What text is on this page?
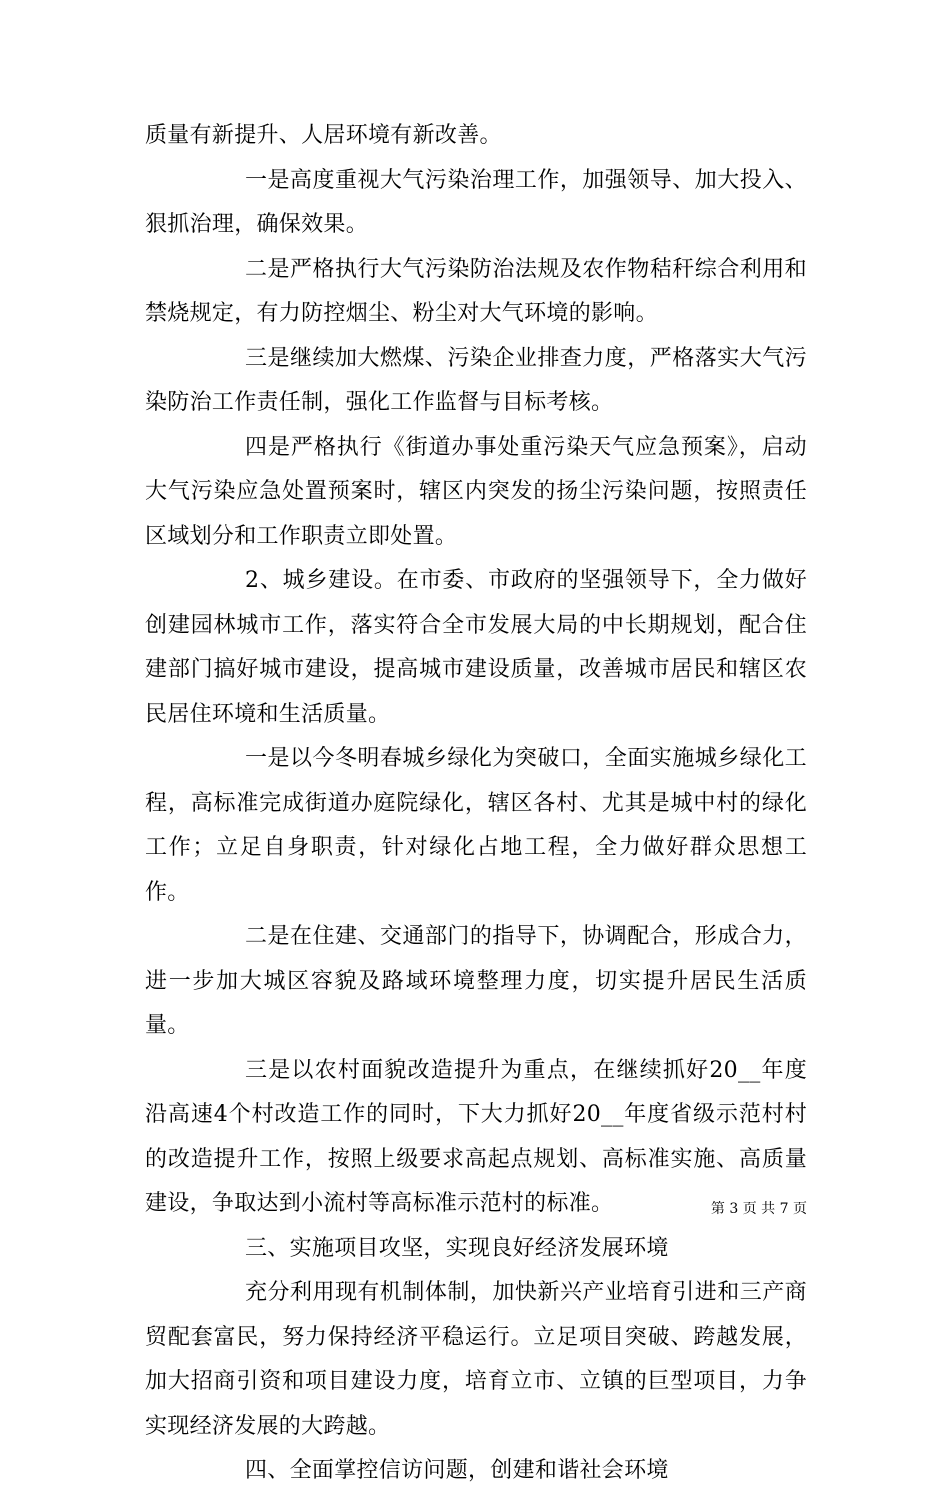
质量有新提升、人居环境有新改善。

一是高度重视大气污染治理工作，加强领导、加大投入、狠抓治理，确保效果。

二是严格执行大气污染防治法规及农作物秸秆综合利用和禁烧规定，有力防控烟尘、粉尘对大气环境的影响。

三是继续加大燃煤、污染企业排查力度，严格落实大气污染防治工作责任制，强化工作监督与目标考核。

四是严格执行《街道办事处重污染天气应急预案》，启动大气污染应急处置预案时，辖区内突发的扬尘污染问题，按照责任区域划分和工作职责立即处置。

2、城乡建设。在市委、市政府的坚强领导下，全力做好创建园林城市工作，落实符合全市发展大局的中长期规划，配合住建部门搞好城市建设，提高城市建设质量，改善城市居民和辖区农民居住环境和生活质量。

一是以今冬明春城乡绿化为突破口，全面实施城乡绿化工程，高标准完成街道办庭院绿化，辖区各村、尤其是城中村的绿化工作；立足自身职责，针对绿化占地工程，全力做好群众思想工作。

二是在住建、交通部门的指导下，协调配合，形成合力，进一步加大城区容貌及路域环境整理力度，切实提升居民生活质量。

三是以农村面貌改造提升为重点，在继续抓好20__年度沿高速4个村改造工作的同时，下大力抓好20__年度省级示范村村的改造提升工作，按照上级要求高起点规划、高标准实施、高质量建设，争取达到小流村等高标准示范村的标准。

三、实施项目攻坚，实现良好经济发展环境

充分利用现有机制体制，加快新兴产业培育引进和三产商贸配套富民，努力保持经济平稳运行。立足项目突破、跨越发展，加大招商引资和项目建设力度，培育立市、立镇的巨型项目，力争实现经济发展的大跨越。

四、全面掌控信访问题，创建和谐社会环境

第 3 页 共 7 页
